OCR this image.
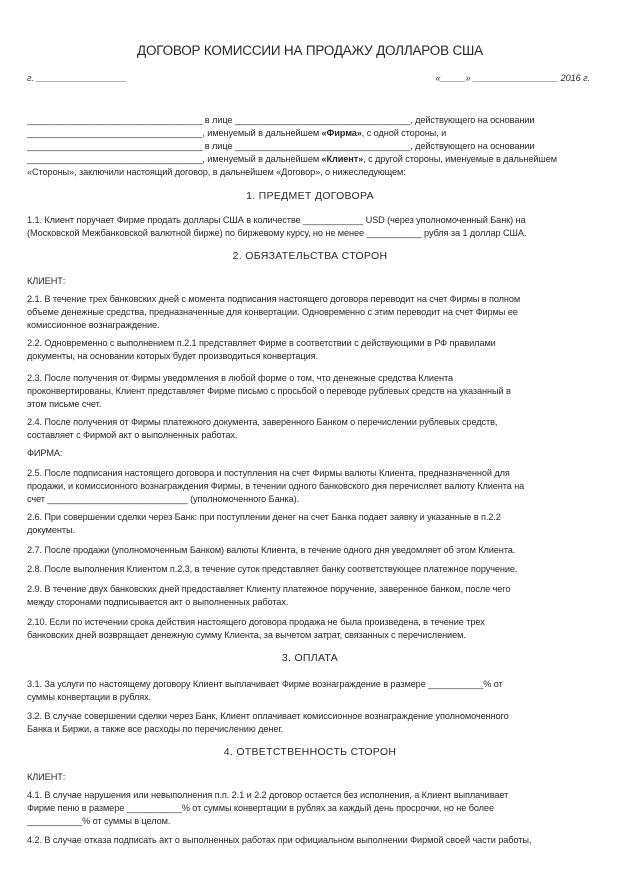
ДОГОВОР КОМИССИИ НА ПРОДАЖУ ДОЛЛАРОВ США
г. __________________	«_____» _________________ 2016 г.
___________________________________ в лице ___________________________________, действующего на основании
___________________________________, именуемый в дальнейшем «Фирма», с одной стороны, и
___________________________________ в лице ___________________________________, действующего на основании
___________________________________, именуемый в дальнейшем «Клиент», с другой стороны, именуемые в дальнейшем
«Стороны», заключили настоящий договор, в дальнейшем «Договор», о нижеследующем:
1. ПРЕДМЕТ ДОГОВОРА
1.1. Клиент поручает Фирме продать доллары США в количестве ____________ USD (через уполномоченный Банк) на
(Московской Межбанковской валютной бирже) по биржевому курсу, но не менее ___________ рубля за 1 доллар США.
2. ОБЯЗАТЕЛЬСТВА СТОРОН
КЛИЕНТ:
2.1. В течение трех банковских дней с момента подписания настоящего договора переводит на счет Фирмы в полном
объеме денежные средства, предназначенные для конвертации. Одновременно с этим переводит на счет Фирмы ее
комиссионное вознаграждение.
2.2. Одновременно с выполнением п.2.1 представляет Фирме в соответствии с действующими в РФ правилами
документы, на основании которых будет производиться конвертация.
2.3. После получения от Фирмы уведомления в любой форме о том, что денежные средства Клиента
проконвертированы, Клиент представляет Фирме письмо с просьбой о переводе рублевых средств на указанный в
этом письме счет.
2.4. После получения от Фирмы платежного документа, заверенного Банком о перечислении рублевых средств,
составляет с Фирмой акт о выполненных работах.
ФИРМА:
2.5. После подписания настоящего договора и поступления на счет Фирмы валюты Клиента, предназначенной для
продажи, и комиссионного вознаграждения Фирмы, в течении одного банковского дня перечисляет валюту Клиента на
счет ____________________________ (уполномоченного Банка).
2.6. При совершении сделки через Банк: при поступлении денег на счет Банка подает заявку и указанные в п.2.2
документы.
2.7. После продажи (уполномоченным Банком) валюты Клиента, в течение одного дня уведомляет об этом Клиента.
2.8. После выполнения Клиентом п.2.3, в течение суток представляет банку соответствующее платежное поручение.
2.9. В течение двух банковских дней предоставляет Клиенту платежное поручение, заверенное банком, после чего
между сторонами подписывается акт о выполненных работах.
2.10. Если по истечении срока действия настоящего договора продажа не была произведена, в течение трех
банковских дней возвращает денежную сумму Клиента, за вычетом затрат, связанных с перечислением.
3. ОПЛАТА
3.1. За услуги по настоящему договору Клиент выплачивает Фирме вознаграждение в размере ___________% от
суммы конвертации в рублях.
3.2. В случае совершении сделки через Банк, Клиент оплачивает комиссионное вознаграждение уполномоченного
Банка и Биржи, а также все расходы по перечислению денег.
4. ОТВЕТСТВЕННОСТЬ СТОРОН
КЛИЕНТ:
4.1. В случае нарушения или невыполнения п.п. 2.1 и 2.2 договор остается без исполнения, а Клиент выплачивает
Фирме пеню в размере ___________% от суммы конвертации в рублях за каждый день просрочки, но не более
___________% от суммы в целом.
4.2. В случае отказа подписать акт о выполненных работах при официальном выполнении Фирмой своей части работы,
